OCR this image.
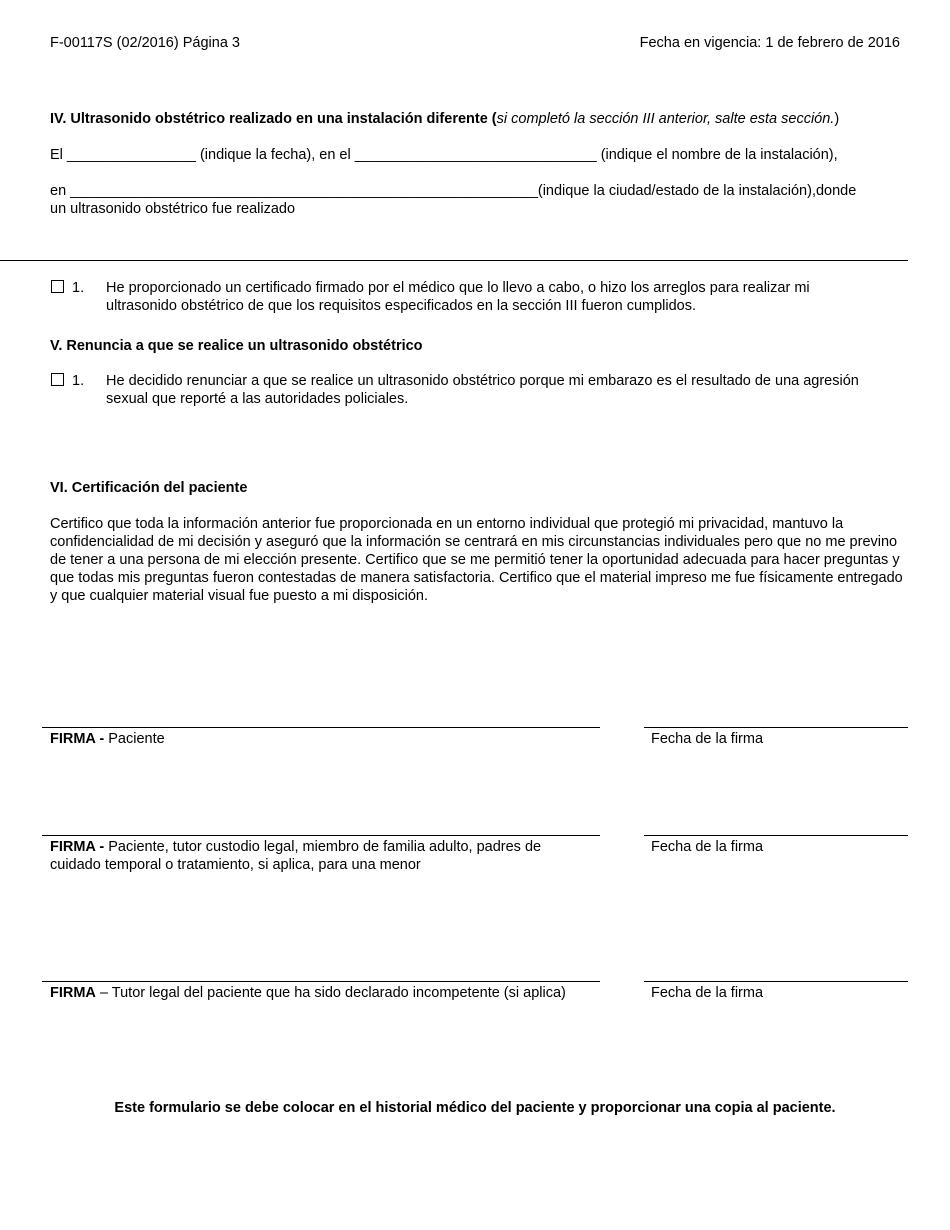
F-00117S (02/2016) Página 3	Fecha en vigencia: 1 de febrero de 2016
IV. Ultrasonido obstétrico realizado en una instalación diferente (si completó la sección III anterior, salte esta sección.)
El ________________ (indique la fecha), en el ______________________________ (indique el nombre de la instalación),
en __________________________________________________________(indique la ciudad/estado de la instalación),donde
un ultrasonido obstétrico fue realizado
1. He proporcionado un certificado firmado por el médico que lo llevo a cabo, o hizo los arreglos para realizar mi ultrasonido obstétrico de que los requisitos especificados en la sección III fueron cumplidos.
V. Renuncia a que se realice un ultrasonido obstétrico
1. He decidido renunciar a que se realice un ultrasonido obstétrico porque mi embarazo es el resultado de una agresión sexual que reporté a las autoridades policiales.
VI. Certificación del paciente
Certifico que toda la información anterior fue proporcionada en un entorno individual que protegió mi privacidad, mantuvo la confidencialidad de mi decisión y aseguró que la información se centrará en mis circunstancias individuales pero que no me previno de tener a una persona de mi elección presente. Certifico que se me permitió tener la oportunidad adecuada para hacer preguntas y que todas mis preguntas fueron contestadas de manera satisfactoria. Certifico que el material impreso me fue físicamente entregado y que cualquier material visual fue puesto a mi disposición.
FIRMA - Paciente	Fecha de la firma
FIRMA - Paciente, tutor custodio legal, miembro de familia adulto, padres de cuidado temporal o tratamiento, si aplica, para una menor
Fecha de la firma
FIRMA – Tutor legal del paciente que ha sido declarado incompetente (si aplica)	Fecha de la firma
Este formulario se debe colocar en el historial médico del paciente y proporcionar una copia al paciente.
